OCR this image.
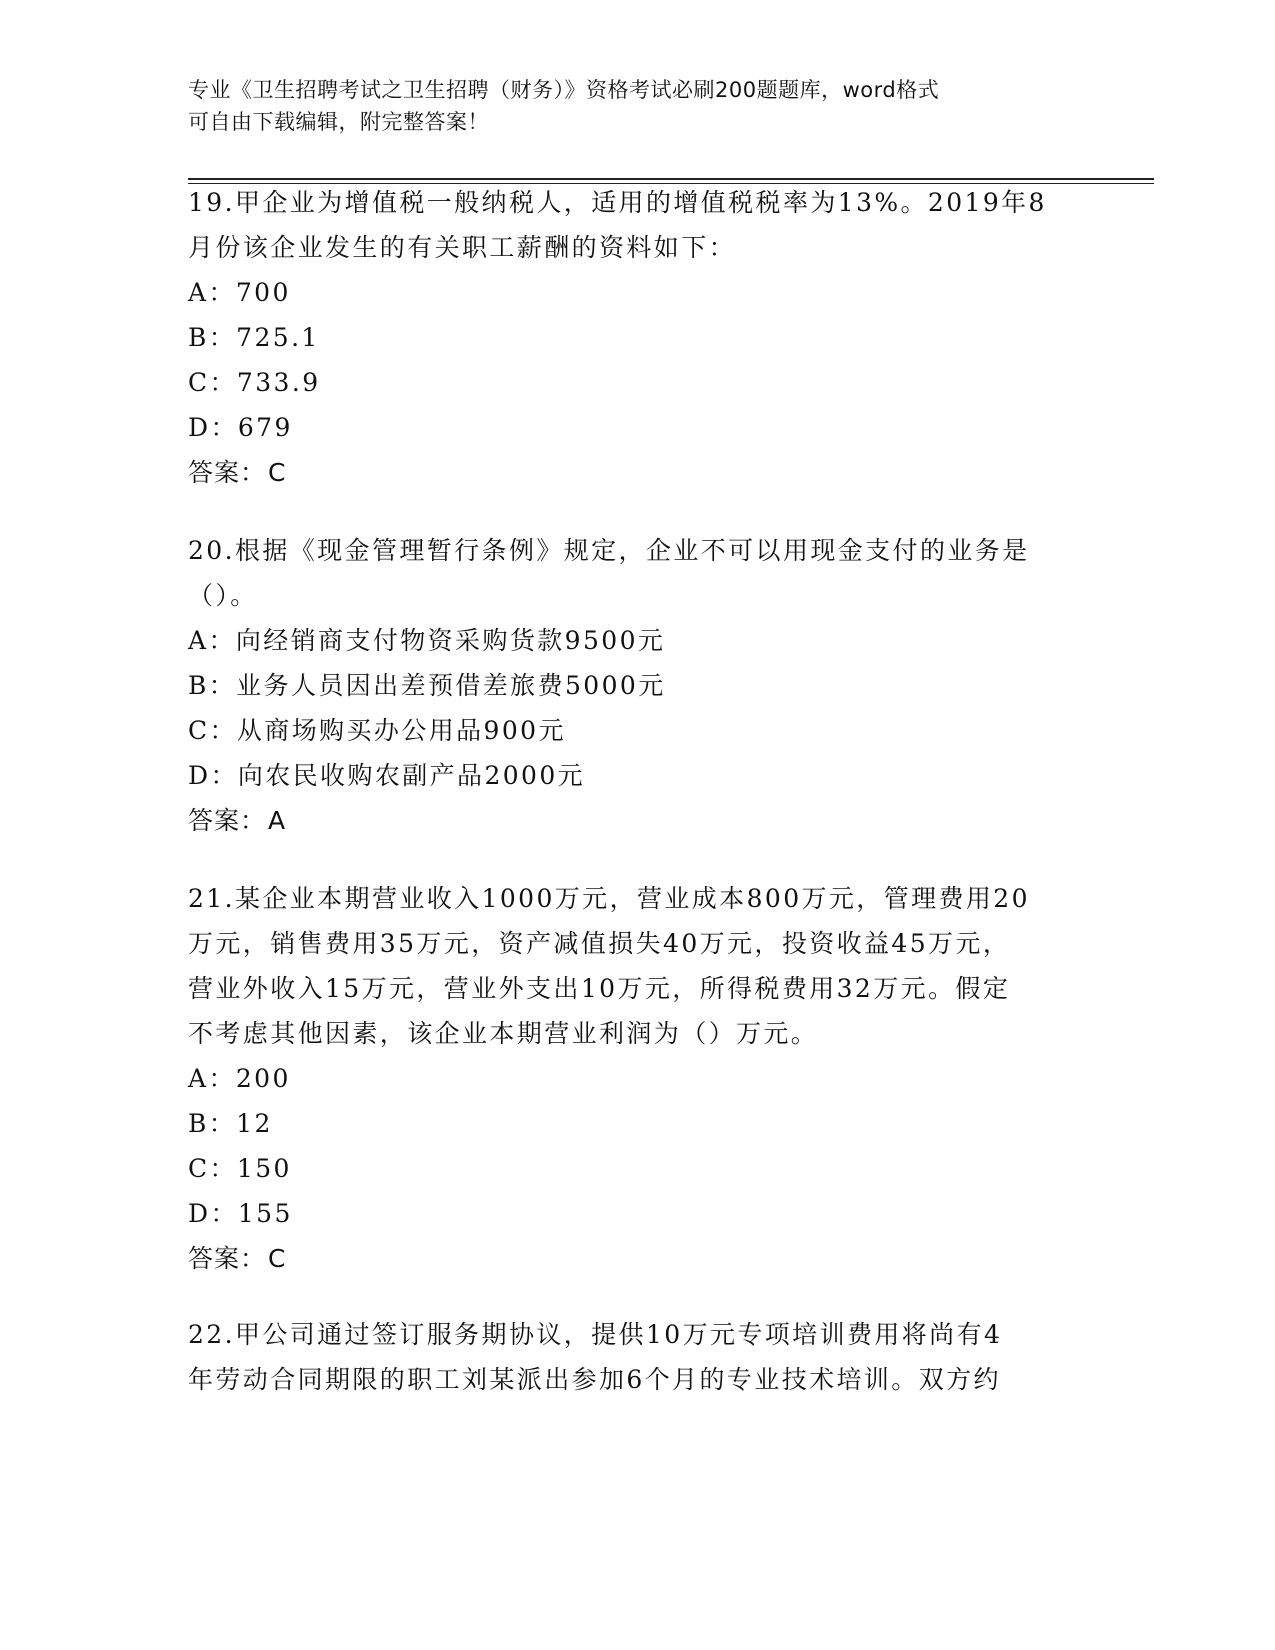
专业《卫生招聘考试之卫生招聘（财务）》资格考试必刷200题题库，word格式
可自由下载编辑，附完整答案！

19.甲企业为增值税一般纳税人，适用的增值税税率为13%。2019年8

月份该企业发生的有关职工薪酬的资料如下：

A：700

B：725.1

C：733.9

D：679

答案：C

20.根据《现金管理暂行条例》规定，企业不可以用现金支付的业务是

（）。

A：向经销商支付物资采购货款9500元

B：业务人员因出差预借差旅费5000元

C：从商场购买办公用品900元

D：向农民收购农副产品2000元

答案：A

21.某企业本期营业收入1000万元，营业成本800万元，管理费用20

万元，销售费用35万元，资产减值损失40万元，投资收益45万元，

营业外收入15万元，营业外支出10万元，所得税费用32万元。假定

不考虑其他因素，该企业本期营业利润为（）万元。

A：200

B：12

C：150

D：155

答案：C

22.甲公司通过签订服务期协议，提供10万元专项培训费用将尚有4

年劳动合同期限的职工刘某派出参加6个月的专业技术培训。双方约
